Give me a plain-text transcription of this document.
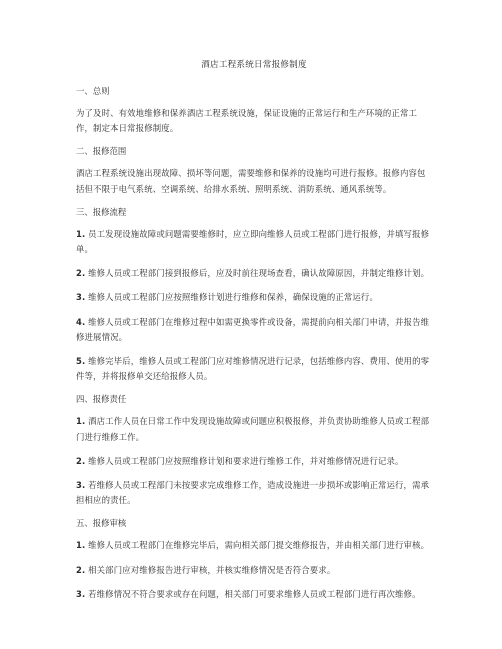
酒店工程系统日常报修制度
一、总则
为了及时、有效地维修和保养酒店工程系统设施，保证设施的正常运行和生产环境的正常工作，制定本日常报修制度。
二、报修范围
酒店工程系统设施出现故障、损坏等问题，需要维修和保养的设施均可进行报修。报修内容包括但不限于电气系统、空调系统、给排水系统、照明系统、消防系统、通风系统等。
三、报修流程
1. 员工发现设施故障或问题需要维修时，应立即向维修人员或工程部门进行报修，并填写报修单。
2. 维修人员或工程部门接到报修后，应及时前往现场查看，确认故障原因，并制定维修计划。
3. 维修人员或工程部门应按照维修计划进行维修和保养，确保设施的正常运行。
4. 维修人员或工程部门在维修过程中如需更换零件或设备，需提前向相关部门申请，并报告维修进展情况。
5. 维修完毕后，维修人员或工程部门应对维修情况进行记录，包括维修内容、费用、使用的零件等，并将报修单交还给报修人员。
四、报修责任
1. 酒店工作人员在日常工作中发现设施故障或问题应积极报修，并负责协助维修人员或工程部门进行维修工作。
2. 维修人员或工程部门应按照维修计划和要求进行维修工作，并对维修情况进行记录。
3. 若维修人员或工程部门未按要求完成维修工作，造成设施进一步损坏或影响正常运行，需承担相应的责任。
五、报修审核
1. 维修人员或工程部门在维修完毕后，需向相关部门提交维修报告，并由相关部门进行审核。
2. 相关部门应对维修报告进行审核，并核实维修情况是否符合要求。
3. 若维修情况不符合要求或存在问题，相关部门可要求维修人员或工程部门进行再次维修。
